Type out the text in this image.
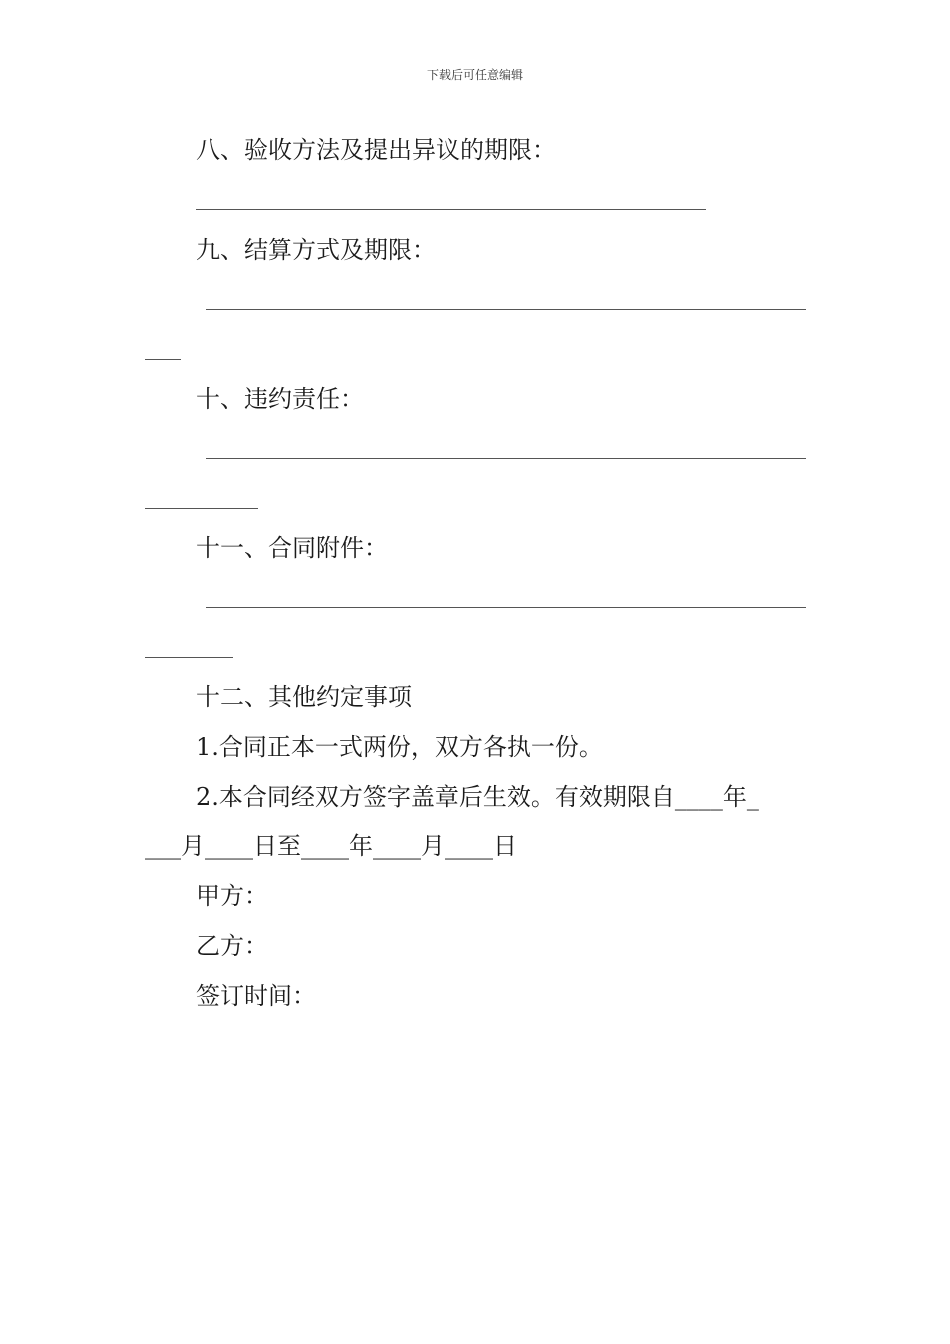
下载后可任意编辑
八、验收方法及提出异议的期限：
九、结算方式及期限：
十、违约责任：
十一、合同附件：
十二、其他约定事项
1.合同正本一式两份，双方各执一份。
2.本合同经双方签字盖章后生效。有效期限自____年_
___月____日至____年____月____日
甲方：
乙方：
签订时间：
